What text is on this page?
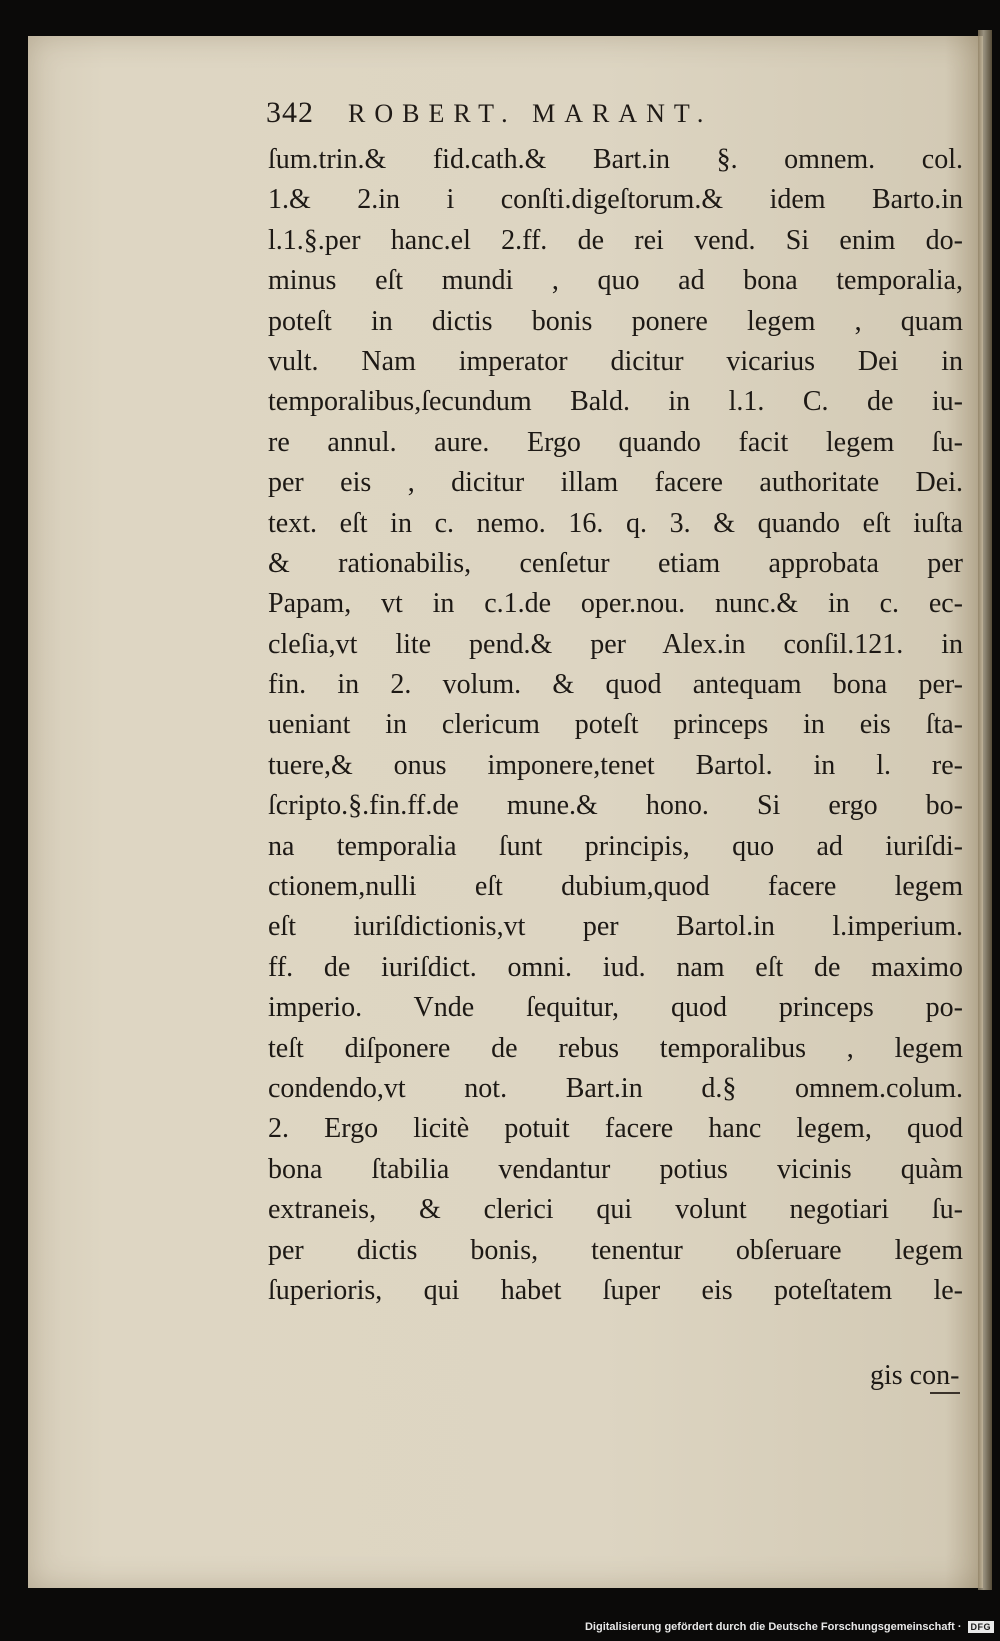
342 ROBERT. MARANT.
ſum.trin.& fid.cath.& Bart.in §. omnem. col.
1.& 2.in i conſti.digeſtorum.& idem Barto.in
l.1.§.per hanc.el 2.ff. de rei vend. Si enim do-
minus eſt mundi , quo ad bona temporalia,
poteſt in dictis bonis ponere legem , quam
vult. Nam imperator dicitur vicarius Dei in
temporalibus,ſecundum Bald. in l.1. C. de iu-
re annul. aure. Ergo quando facit legem ſu-
per eis , dicitur illam facere authoritate Dei.
text. eſt in c. nemo. 16. q. 3. & quando eſt iuſta
& rationabilis, cenſetur etiam approbata per
Papam, vt in c.1.de oper.nou. nunc.& in c. ec-
cleſia,vt lite pend.& per Alex.in conſil.121. in
fin. in 2. volum. & quod antequam bona per-
ueniant in clericum poteſt princeps in eis ſta-
tuere,& onus imponere,tenet Bartol. in l. re-
ſcripto.§.fin.ff.de mune.& hono. Si ergo bo-
na temporalia ſunt principis, quo ad iuriſdi-
ctionem,nulli eſt dubium,quod facere legem
eſt iuriſdictionis,vt per Bartol.in l.imperium.
ff. de iuriſdict. omni. iud. nam eſt de maximo
imperio. Vnde ſequitur, quod princeps po-
teſt diſponere de rebus temporalibus , legem
condendo,vt not. Bart.in d.§ omnem.colum.
2. Ergo licitè potuit facere hanc legem, quod
bona ſtabilia vendantur potius vicinis quàm
extraneis, & clerici qui volunt negotiari ſu-
per dictis bonis, tenentur obſeruare legem
ſuperioris, qui habet ſuper eis poteſtatem le-
gis con-
Digitalisierung gefördert durch die Deutsche Forschungsgemeinschaft ·	DFG
